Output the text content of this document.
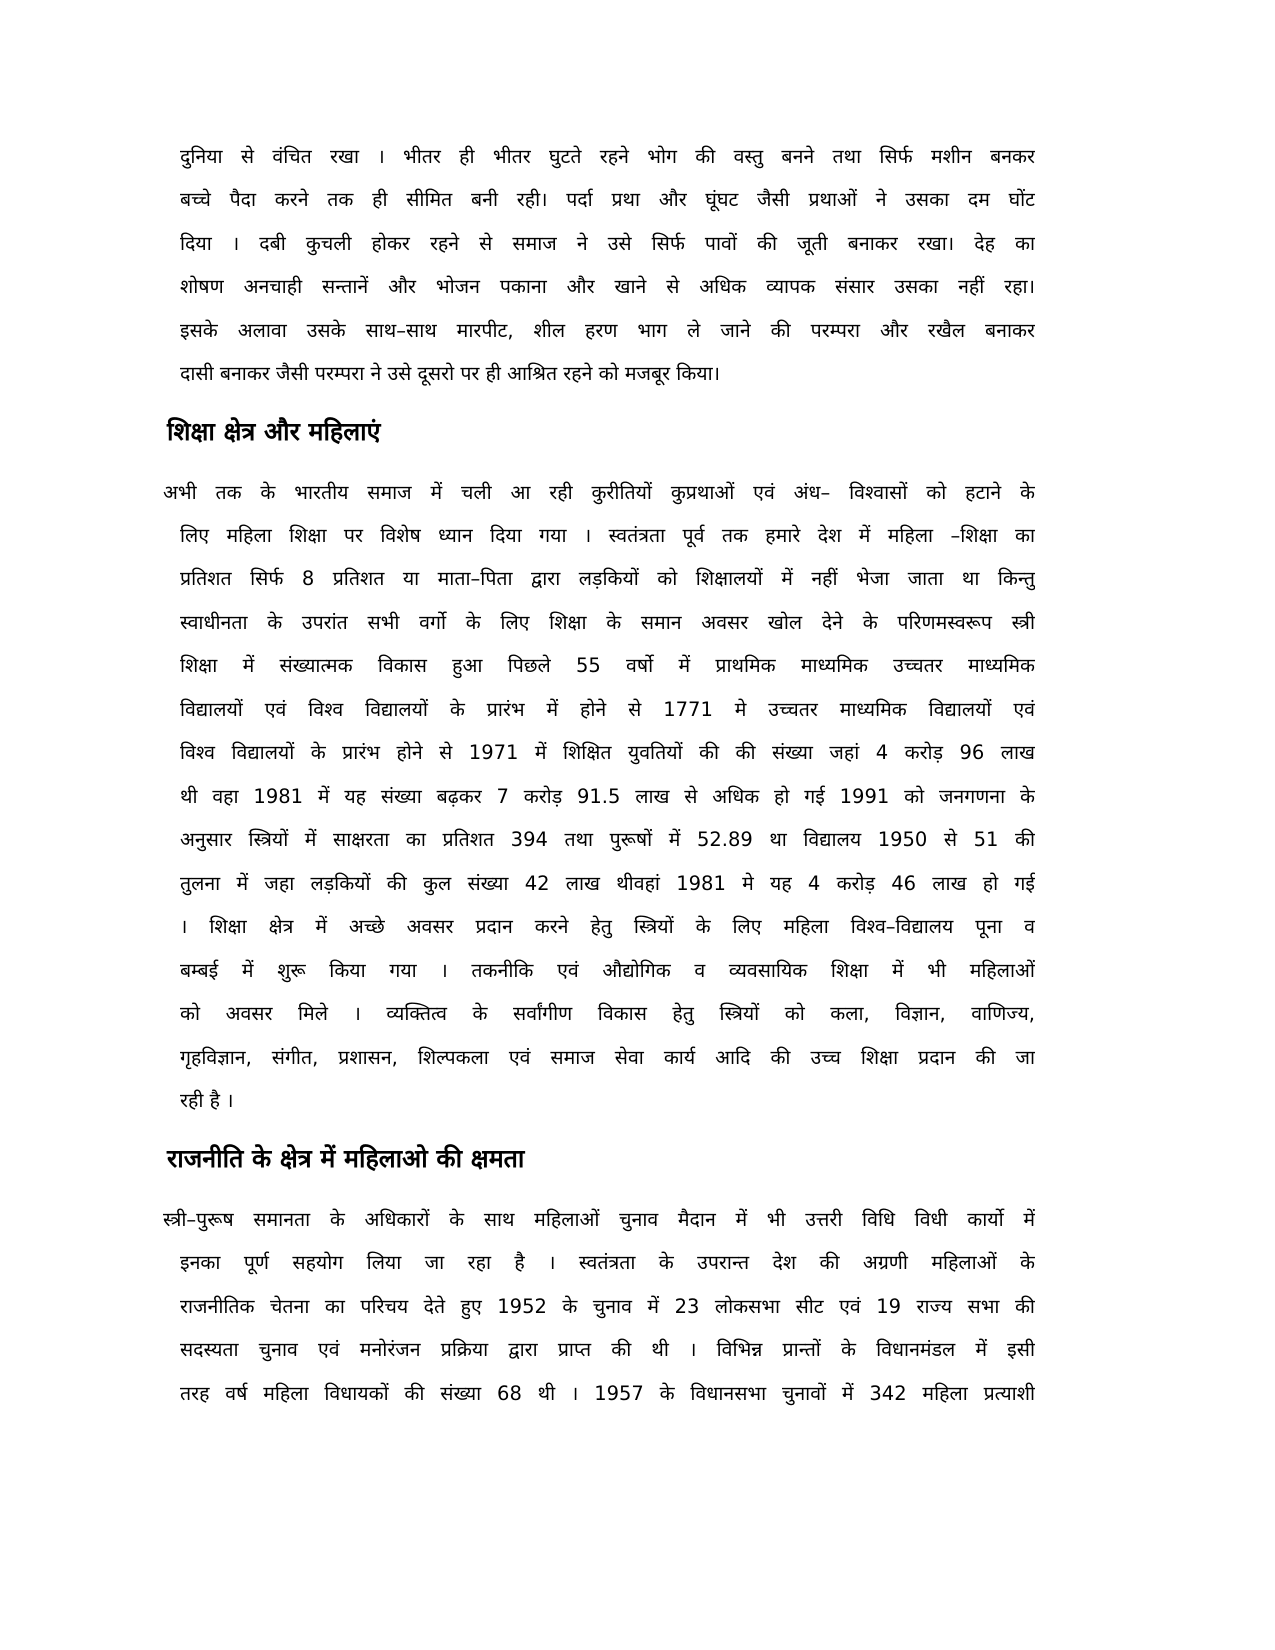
दुनिया से वंचित रखा । भीतर ही भीतर घुटते रहने भोग की वस्तु बनने तथा सिर्फ मशीन बनकर
बच्चे पैदा करने तक ही सीमित बनी रही। पर्दा प्रथा और घूंघट जैसी प्रथाओं ने उसका दम घोंट
दिया । दबी कुचली होकर रहने से समाज ने उसे सिर्फ पावों की जूती बनाकर रखा। देह का
शोषण अनचाही सन्तानें और भोजन पकाना और खाने से अधिक व्यापक संसार उसका नहीं रहा।
इसके अलावा उसके साथ–साथ मारपीट, शील हरण भाग ले जाने की परम्परा और रखैल बनाकर
दासी बनाकर जैसी परम्परा ने उसे दूसरो पर ही आश्रित रहने को मजबूर किया।
शिक्षा क्षेत्र और महिलाएं
अभी तक के भारतीय समाज में चली आ रही कुरीतियों कुप्रथाओं एवं अंध– विश्वासों को हटाने के
लिए महिला शिक्षा पर विशेष ध्यान दिया गया । स्वतंत्रता पूर्व तक हमारे देश में महिला –शिक्षा का
प्रतिशत सिर्फ 8 प्रतिशत या माता–पिता द्वारा लड़कियों को शिक्षालयों में नहीं भेजा जाता था किन्तु
स्वाधीनता के उपरांत सभी वर्गो के लिए शिक्षा के समान अवसर खोल देने के परिणमस्वरूप स्त्री
शिक्षा में संख्यात्मक विकास हुआ पिछले 55 वर्षो में प्राथमिक माध्यमिक उच्चतर माध्यमिक
विद्यालयों एवं विश्व विद्यालयों के प्रारंभ में होने से 1771 मे उच्चतर माध्यमिक विद्यालयों एवं
विश्व विद्यालयों के प्रारंभ होने से 1971 में शिक्षित युवतियों की की संख्या जहां 4 करोड़ 96 लाख
थी वहा 1981 में यह संख्या बढ़कर 7 करोड़ 91.5 लाख से अधिक हो गई 1991 को जनगणना के
अनुसार स्त्रियों में साक्षरता का प्रतिशत 394 तथा पुरूषों में 52.89 था विद्यालय 1950 से 51 की
तुलना में जहा लड़कियों की कुल संख्या 42 लाख थीवहां 1981 मे यह 4 करोड़ 46 लाख हो गई
। शिक्षा क्षेत्र में अच्छे अवसर प्रदान करने हेतु स्त्रियों के लिए महिला विश्व–विद्यालय पूना व
बम्बई में शुरू किया गया । तकनीकि एवं औद्योगिक व व्यवसायिक शिक्षा में भी महिलाओं
को अवसर मिले । व्यक्तित्व के सर्वांगीण विकास हेतु स्त्रियों को कला, विज्ञान, वाणिज्य,
गृहविज्ञान, संगीत, प्रशासन, शिल्पकला एवं समाज सेवा कार्य आदि की उच्च शिक्षा प्रदान की जा
रही है ।
राजनीति के क्षेत्र में महिलाओ की क्षमता
स्त्री–पुरूष समानता के अधिकारों के साथ महिलाओं चुनाव मैदान में भी उत्तरी विधि विधी कार्यो में
इनका पूर्ण सहयोग लिया जा रहा है । स्वतंत्रता के उपरान्त देश की अग्रणी महिलाओं के
राजनीतिक चेतना का परिचय देते हुए 1952 के चुनाव में 23 लोकसभा सीट एवं 19 राज्य सभा की
सदस्यता चुनाव एवं मनोरंजन प्रक्रिया द्वारा प्राप्त की थी । विभिन्न प्रान्तों के विधानमंडल में इसी
तरह वर्ष महिला विधायकों की संख्या 68 थी । 1957 के विधानसभा चुनावों में 342 महिला प्रत्याशी
